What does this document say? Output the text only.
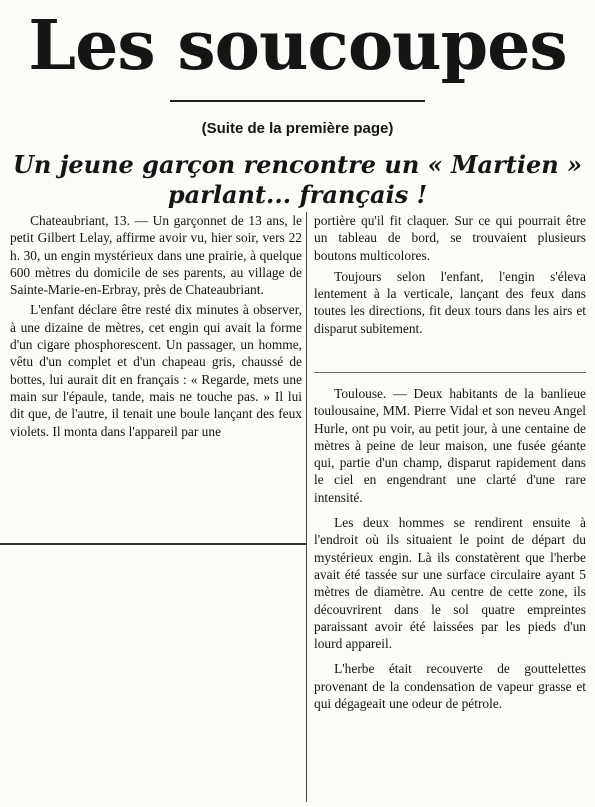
Les soucoupes
(Suite de la première page)
Un jeune garçon rencontre un « Martien »
parlant... français !

Chateaubriant, 13. — Un garçonnet de 13 ans, le petit Gilbert Lelay, affirme avoir vu, hier soir, vers 22 h. 30, un engin mystérieux dans une prairie, à quelque 600 mètres du domicile de ses parents, au village de Sainte-Marie-en-Erbray, près de Chateaubriant.

L'enfant déclare être resté dix minutes à observer, à une dizaine de mètres, cet engin qui avait la forme d'un cigare phosphorescent. Un passager, un homme, vêtu d'un complet et d'un chapeau gris, chaussé de bottes, lui aurait dit en français : « Regarde, mets une main sur l'épaule, tande, mais ne touche pas. » Il lui dit que, de l'autre, il tenait une boule lançant des feux violets. Il monta dans l'appareil par une

portière qu'il fit claquer. Sur ce qui pourrait être un tableau de bord, se trouvaient plusieurs boutons multicolores.

Toujours selon l'enfant, l'engin s'éleva lentement à la verticale, lançant des feux dans toutes les directions, fit deux tours dans les airs et disparut subitement.

Toulouse. — Deux habitants de la banlieue toulousaine, MM. Pierre Vidal et son neveu Angel Hurle, ont pu voir, au petit jour, à une centaine de mètres à peine de leur maison, une fusée géante qui, partie d'un champ, disparut rapidement dans le ciel en engendrant une clarté d'une rare intensité.

Les deux hommes se rendirent ensuite à l'endroit où ils situaient le point de départ du mystérieux engin. Là ils constatèrent que l'herbe avait été tassée sur une surface circulaire ayant 5 mètres de diamètre. Au centre de cette zone, ils découvrirent dans le sol quatre empreintes paraissant avoir été laissées par les pieds d'un lourd appareil.

L'herbe était recouverte de gouttelettes provenant de la condensation de vapeur grasse et qui dégageait une odeur de pétrole.
